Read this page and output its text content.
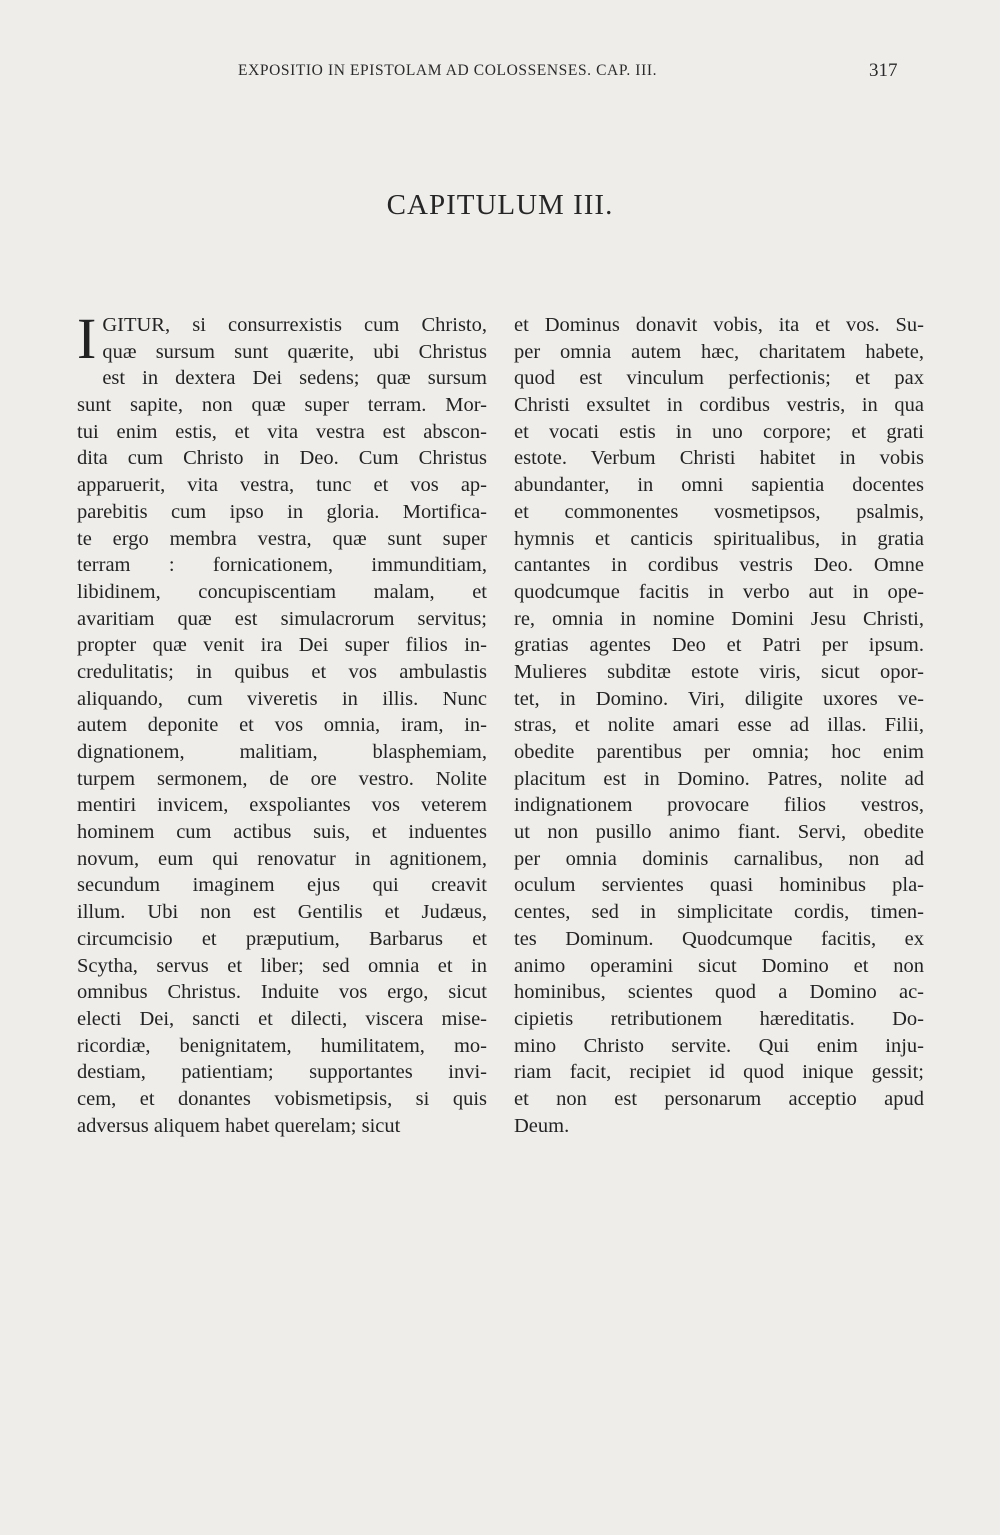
EXPOSITIO IN EPISTOLAM AD COLOSSENSES. CAP. III.	317
CAPITULUM III.
I GITUR, si consurrexistis cum Christo,
quæ sursum sunt quærite, ubi Christus
est in dextera Dei sedens; quæ sursum
sunt sapite, non quæ super terram. Mor-
tui enim estis, et vita vestra est abscon-
dita cum Christo in Deo. Cum Christus
apparuerit, vita vestra, tunc et vos ap-
parebitis cum ipso in gloria. Mortifica-
te ergo membra vestra, quæ sunt super
terram : fornicationem, immunditiam,
libidinem, concupiscentiam malam, et
avaritiam quæ est simulacrorum servitus;
propter quæ venit ira Dei super filios in-
credulitatis; in quibus et vos ambulastis
aliquando, cum viveretis in illis. Nunc
autem deponite et vos omnia, iram, in-
dignationem, malitiam, blasphemiam,
turpem sermonem, de ore vestro. Nolite
mentiri invicem, exspoliantes vos veterem
hominem cum actibus suis, et induentes
novum, eum qui renovatur in agnitionem,
secundum imaginem ejus qui creavit
illum. Ubi non est Gentilis et Judæus,
circumcisio et præputium, Barbarus et
Scytha, servus et liber; sed omnia et in
omnibus Christus. Induite vos ergo, sicut
electi Dei, sancti et dilecti, viscera mise-
ricordiæ, benignitatem, humilitatem, mo-
destiam, patientiam; supportantes invi-
cem, et donantes vobismetipsis, si quis
adversus aliquem habet querelam; sicut
et Dominus donavit vobis, ita et vos. Su-
per omnia autem hæc, charitatem habete,
quod est vinculum perfectionis; et pax
Christi exsultet in cordibus vestris, in qua
et vocati estis in uno corpore; et grati
estote. Verbum Christi habitet in vobis
abundanter, in omni sapientia docentes
et commonentes vosmetipsos, psalmis,
hymnis et canticis spiritualibus, in gratia
cantantes in cordibus vestris Deo. Omne
quodcumque facitis in verbo aut in ope-
re, omnia in nomine Domini Jesu Christi,
gratias agentes Deo et Patri per ipsum.
Mulieres subditæ estote viris, sicut opor-
tet, in Domino. Viri, diligite uxores ve-
stras, et nolite amari esse ad illas. Filii,
obedite parentibus per omnia; hoc enim
placitum est in Domino. Patres, nolite ad
indignationem provocare filios vestros,
ut non pusillo animo fiant. Servi, obedite
per omnia dominis carnalibus, non ad
oculum servientes quasi hominibus pla-
centes, sed in simplicitate cordis, timen-
tes Dominum. Quodcumque facitis, ex
animo operamini sicut Domino et non
hominibus, scientes quod a Domino ac-
cipietis retributionem hæreditatis. Do-
mino Christo servite. Qui enim inju-
riam facit, recipiet id quod inique gessit;
et non est personarum acceptio apud
Deum.
